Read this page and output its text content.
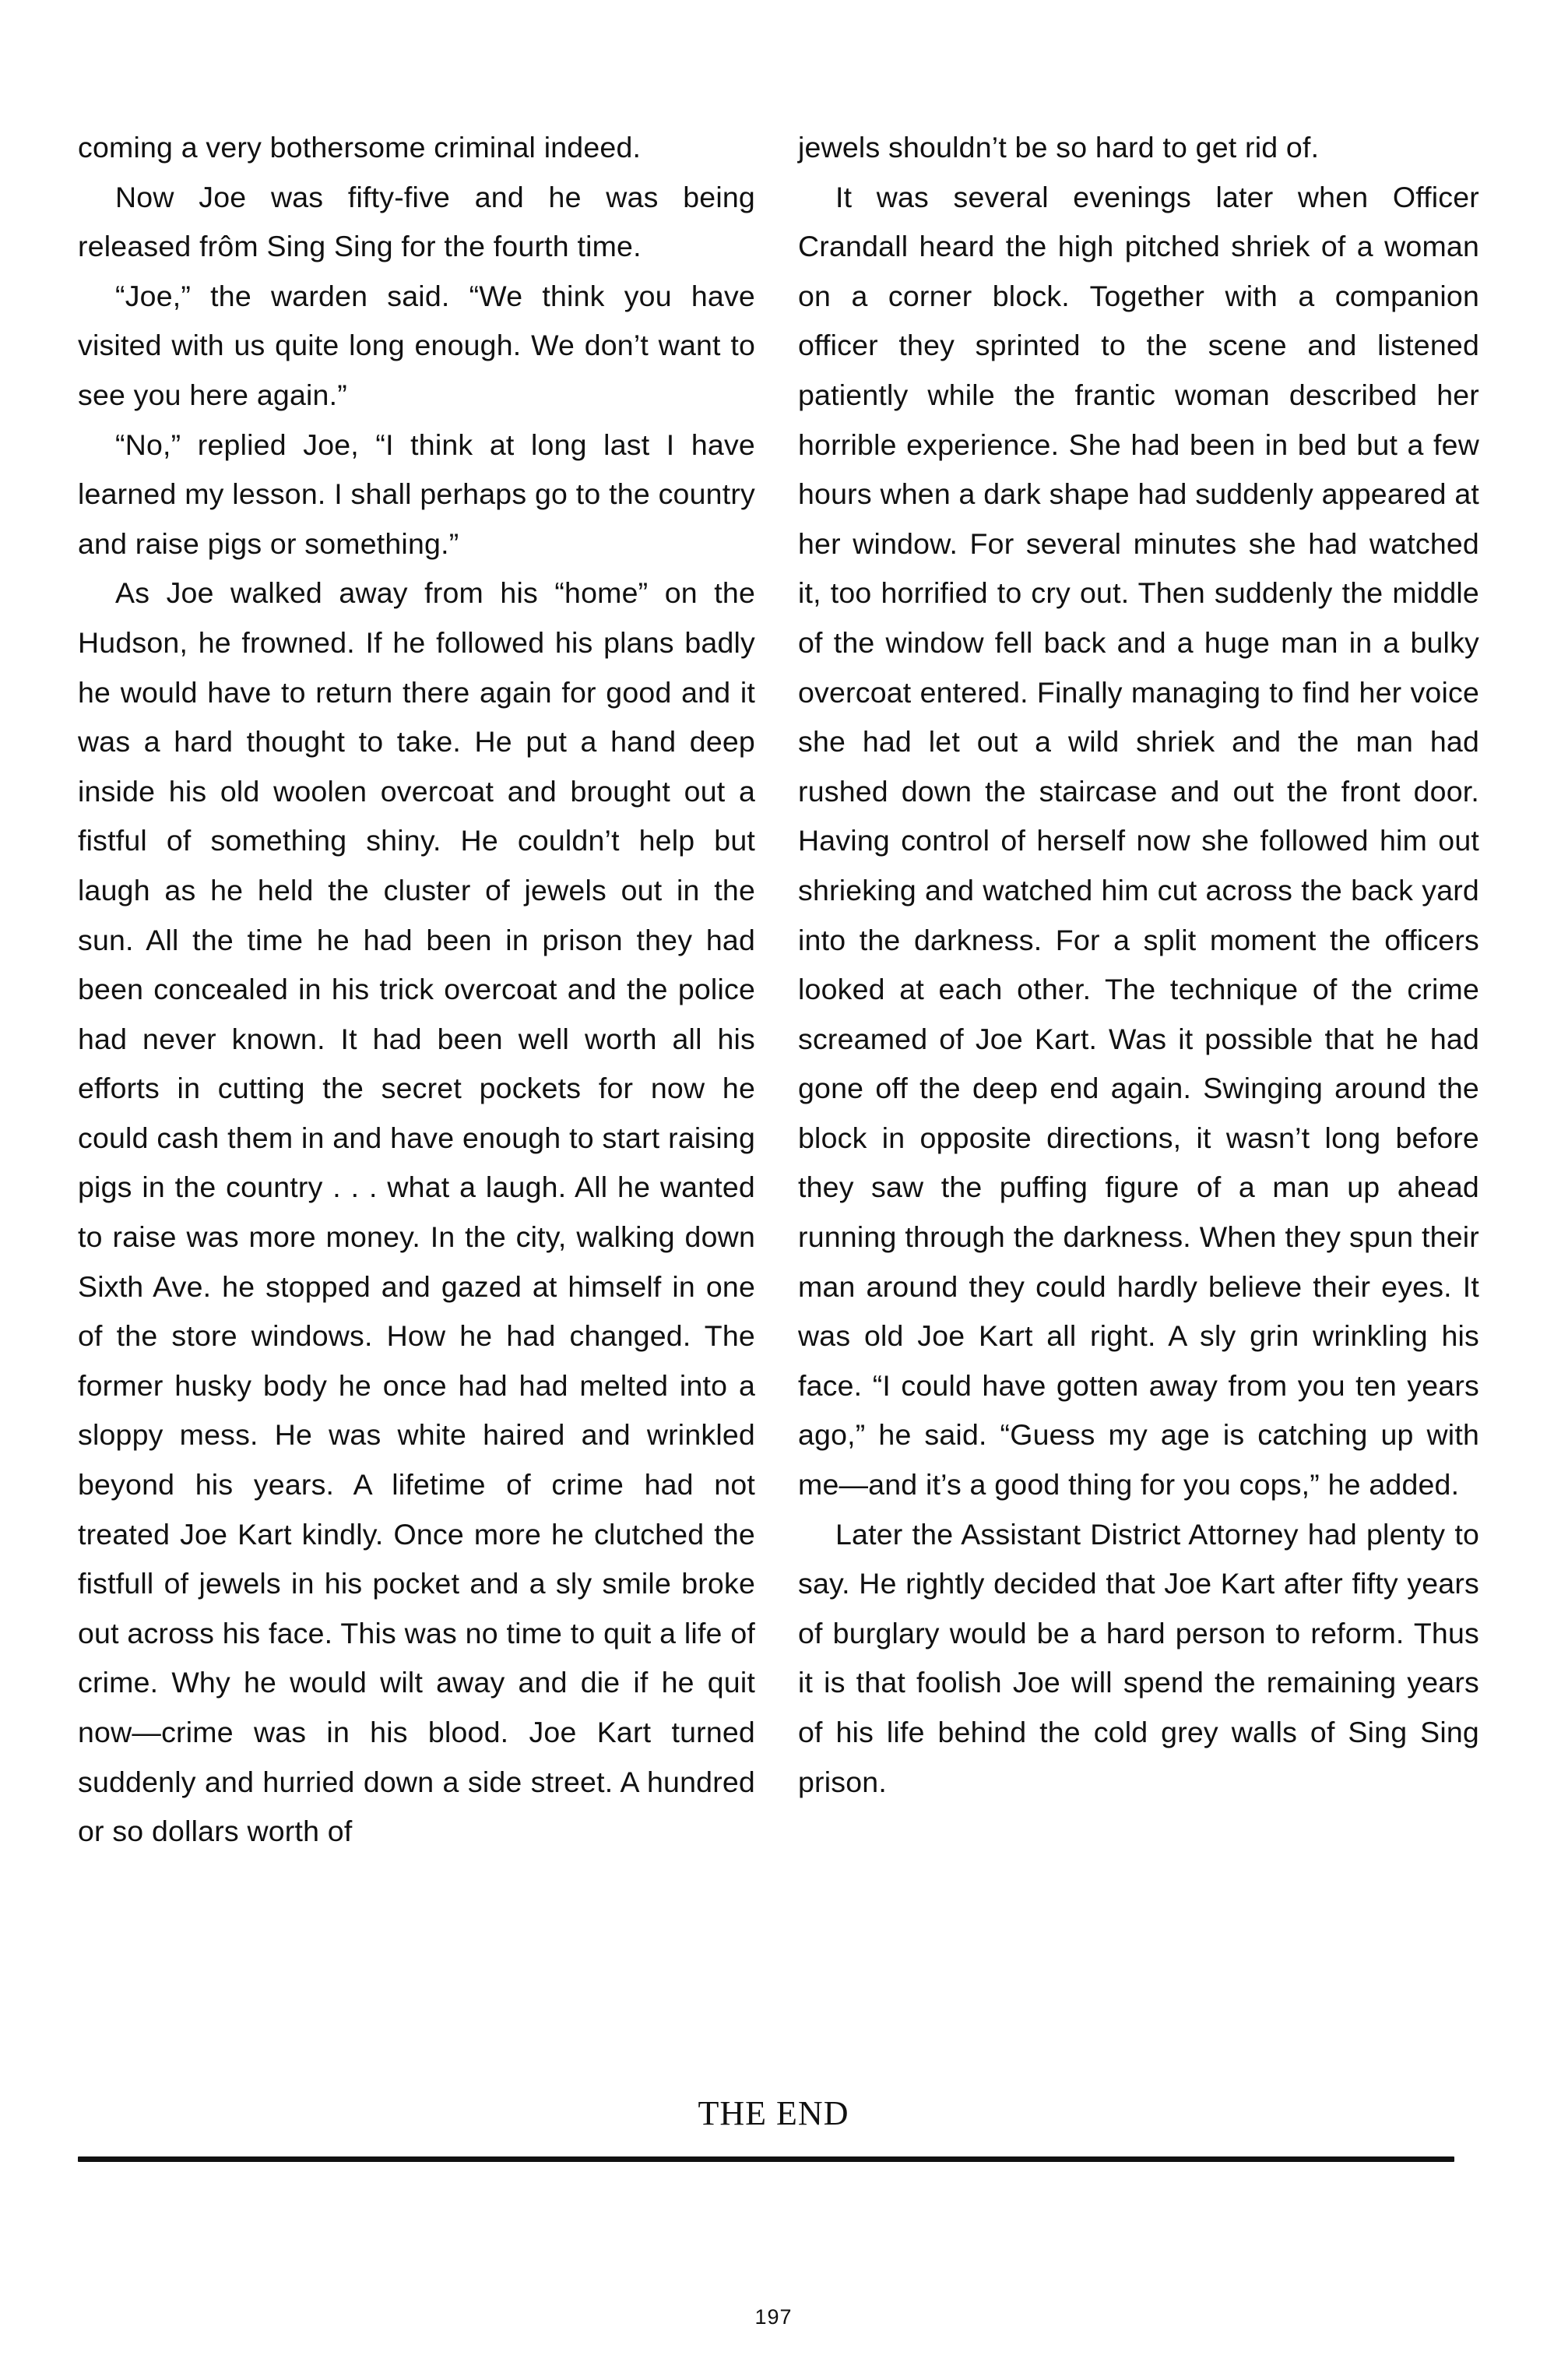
coming a very bothersome criminal indeed.

Now Joe was fifty-five and he was being released frôm Sing Sing for the fourth time.

“Joe,” the warden said. “We think you have visited with us quite long enough. We don’t want to see you here again.”

“No,” replied Joe, “I think at long last I have learned my lesson. I shall perhaps go to the country and raise pigs or something.”

As Joe walked away from his “home” on the Hudson, he frowned. If he followed his plans badly he would have to return there again for good and it was a hard thought to take. He put a hand deep inside his old woolen overcoat and brought out a fistful of something shiny. He couldn’t help but laugh as he held the cluster of jewels out in the sun. All the time he had been in prison they had been concealed in his trick overcoat and the police had never known. It had been well worth all his efforts in cutting the secret pockets for now he could cash them in and have enough to start raising pigs in the country . . . what a laugh. All he wanted to raise was more money. In the city, walking down Sixth Ave. he stopped and gazed at himself in one of the store windows. How he had changed. The former husky body he once had had melted into a sloppy mess. He was white haired and wrinkled beyond his years. A lifetime of crime had not treated Joe Kart kindly. Once more he clutched the fistfull of jewels in his pocket and a sly smile broke out across his face. This was no time to quit a life of crime. Why he would wilt away and die if he quit now—crime was in his blood. Joe Kart turned suddenly and hurried down a side street. A hundred or so dollars worth of

jewels shouldn’t be so hard to get rid of.

It was several evenings later when Officer Crandall heard the high pitched shriek of a woman on a corner block. Together with a companion officer they sprinted to the scene and listened patiently while the frantic woman described her horrible experience. She had been in bed but a few hours when a dark shape had suddenly appeared at her window. For several minutes she had watched it, too horrified to cry out. Then suddenly the middle of the window fell back and a huge man in a bulky overcoat entered. Finally managing to find her voice she had let out a wild shriek and the man had rushed down the staircase and out the front door. Having control of herself now she followed him out shrieking and watched him cut across the back yard into the darkness. For a split moment the officers looked at each other. The technique of the crime screamed of Joe Kart. Was it possible that he had gone off the deep end again. Swinging around the block in opposite directions, it wasn’t long before they saw the puffing figure of a man up ahead running through the darkness. When they spun their man around they could hardly believe their eyes. It was old Joe Kart all right. A sly grin wrinkling his face. “I could have gotten away from you ten years ago,” he said. “Guess my age is catching up with me—and it’s a good thing for you cops,” he added.

Later the Assistant District Attorney had plenty to say. He rightly decided that Joe Kart after fifty years of burglary would be a hard person to reform. Thus it is that foolish Joe will spend the remaining years of his life behind the cold grey walls of Sing Sing prison.

THE END
197
